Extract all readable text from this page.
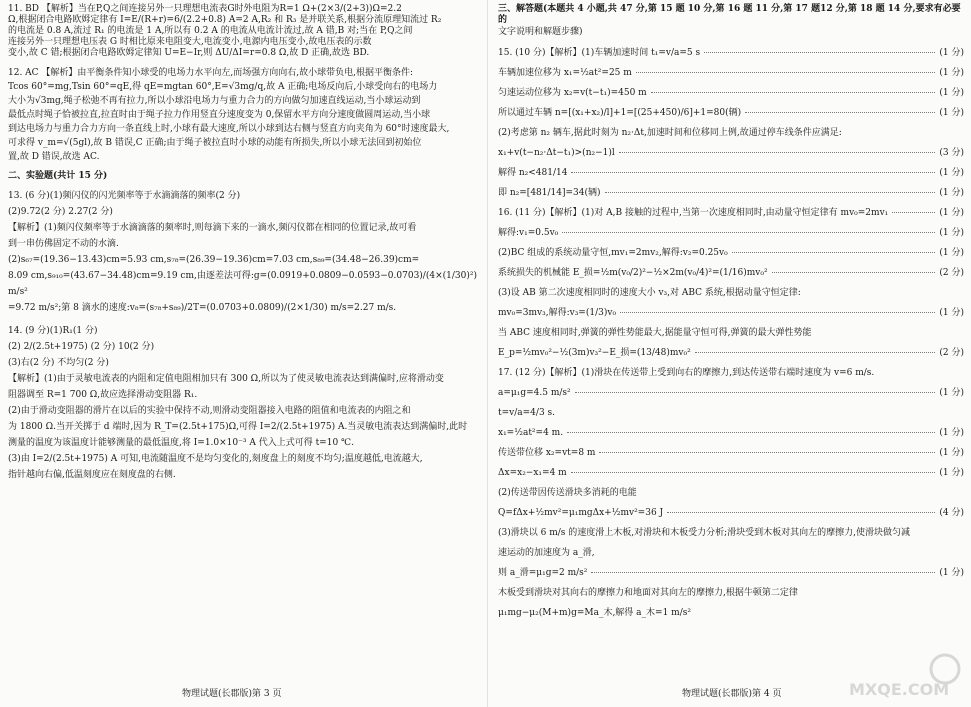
11. BD 【解析】当在P,Q之间连接另外一只理想电流表G时外电阻为R=1 Ω+(2×3/(2+3))Ω=2.2
Ω,根据闭合电路欧姆定律有 I=E/(R+r)=6/(2.2+0.8) A=2 A,R₂ 和 R₃ 是并联关系,根据分流原理知流过 R₂
的电流是 0.8 A,流过 R₁ 的电流是 1 A,所以有 0.2 A 的电流从电流计流过,故 A 错,B 对;当在 P,Q之间
连接另外一只理想电压表 G 时相比原来电阻变大,电流变小,电源内电压变小,故电压表的示数
变小,故 C 错;根据闭合电路欧姆定律知 U=E−Ir,则 ΔU/ΔI=r=0.8 Ω,故 D 正确,故选 BD.
12. AC 【解析】由平衡条件知小球受的电场力水平向左,而场强方向向右,故小球带负电,根据平衡条件:
Tcos 60°=mg,Tsin 60°=qE,得 qE=mgtan 60°,E=√3mg/q,故 A 正确;电场反向后,小球受向右的电场力
大小为√3mg,绳子松弛不再有拉力,所以小球沿电场力与重力合力的方向做匀加速直线运动,当小球运动到
最低点时绳子恰被拉直,拉直时由于绳子拉力作用竖直分速度变为 0,保留水平方向分速度做圆周运动,当小球
到达电场力与重力合力方向一条直线上时,小球有最大速度,所以小球到达右侧与竖直方向夹角为 60°时速度最大,
可求得 v_m=√(5gl),故 B 错误,C 正确;由于绳子被拉直时小球的动能有所损失,所以小球无法回到初始位
置,故 D 错误,故选 AC.
二、实验题(共计 15 分)
13. (6 分)(1)频闪仪的闪光频率等于水滴滴落的频率(2 分)
(2)9.72(2 分) 2.27(2 分)
【解析】(1)频闪仪频率等于水滴滴落的频率时,则每滴下来的一滴水,频闪仪都在相同的位置记录,故可看
到一串仿佛固定不动的水滴.
(2)s₆₇=(19.36−13.43)cm=5.93 cm,s₇₈=(26.39−19.36)cm=7.03 cm,s₈₉=(34.48−26.39)cm=
8.09 cm,s₉₁₀=(43.67−34.48)cm=9.19 cm,由逐差法可得:g=(0.0919+0.0809−0.0593−0.0703)/(4×(1/30)²) m/s²
=9.72 m/s²;第 8 滴水的速度:v₈=(s₇₈+s₈₉)/2T=(0.0703+0.0809)/(2×1/30) m/s=2.27 m/s.
14. (9 分)(1)R₁(1 分)
(2) 2/(2.5t+1975) (2 分) 10(2 分)
(3)右(2 分) 不均匀(2 分)
【解析】(1)由于灵敏电流表的内阻和定值电阻相加只有 300 Ω,所以为了使灵敏电流表达到满偏时,应将滑动变
阻器调至 R=1 700 Ω,故应选择滑动变阻器 R₁.
(2)由于滑动变阻器的滑片在以后的实验中保持不动,则滑动变阻器接入电路的阻值和电流表的内阻之和
为 1800 Ω.当开关掷于 d 端时,因为 R_T=(2.5t+175)Ω,可得 I=2/(2.5t+1975) A.当灵敏电流表达到满偏时,此时
测量的温度为该温度计能够测量的最低温度,将 I=1.0×10⁻³ A 代入上式可得 t=10 ℃.
(3)由 I=2/(2.5t+1975) A 可知,电流随温度不是均匀变化的,刻度盘上的刻度不均匀;温度越低,电流越大,
指针越向右偏,低温刻度应在刻度盘的右侧.
物理试题(长郡版)第 3 页
三、解答题(本题共 4 小题,共 47 分,第 15 题 10 分,第 16 题 11 分,第 17 题12 分,第 18 题 14 分,要求有必要的
文字说明和解题步骤)
15. (10 分)【解析】(1)车辆加速时间 t₁=v/a=5 s	(1 分)
车辆加速位移为 x₁=½at²=25 m	(1 分)
匀速运动位移为 x₂=v(t−t₁)=450 m	(1 分)
所以通过车辆 n=[(x₁+x₂)/l]+1=[(25+450)/6]+1=80(辆)	(1 分)
(2)考虑第 n₂ 辆车,据此时刻为 n₂·Δt,加速时间和位移同上例,故通过停车线条件应满足:
x₁+v(t−n₂·Δt−t₁)>(n₂−1)l	(3 分)
解得 n₂<481/14	(1 分)
即 n₂=[481/14]=34(辆)	(1 分)
16. (11 分)【解析】(1)对 A,B 接触的过程中,当第一次速度相同时,由动量守恒定律有 mv₀=2mv₁	(1 分)
解得:v₁=0.5v₀	(1 分)
(2)BC 组成的系统动量守恒,mv₁=2mv₂,解得:v₂=0.25v₀	(1 分)
系统损失的机械能 E_损=½m(v₀/2)²−½×2m(v₀/4)²=(1/16)mv₀²	(2 分)
(3)设 AB 第二次速度相同时的速度大小 v₃,对 ABC 系统,根据动量守恒定律:
mv₀=3mv₃,解得:v₃=(1/3)v₀	(1 分)
当 ABC 速度相同时,弹簧的弹性势能最大,据能量守恒可得,弹簧的最大弹性势能
E_p=½mv₀²−½(3m)v₃²−E_损=(13/48)mv₀²	(2 分)
17. (12 分)【解析】(1)滑块在传送带上受到向右的摩擦力,到达传送带右端时速度为 v=6 m/s.
a=μ₁g=4.5 m/s²	(1 分)
t=v/a=4/3 s.
x₁=½at²=4 m.	(1 分)
传送带位移 x₂=vt=8 m	(1 分)
Δx=x₂−x₁=4 m	(1 分)
(2)传送带因传送滑块多消耗的电能
Q=fΔx+½mv²=μ₁mgΔx+½mv²=36 J	(4 分)
(3)滑块以 6 m/s 的速度滑上木板,对滑块和木板受力分析;滑块受到木板对其向左的摩擦力,使滑块做匀减
速运动的加速度为 a_滑,
则 a_滑=μ₁g=2 m/s²	(1 分)
木板受到滑块对其向右的摩擦力和地面对其向左的摩擦力,根据牛顿第二定律
μ₁mg−μ₂(M+m)g=Ma_木,解得 a_木=1 m/s²
物理试题(长郡版)第 4 页	MXQE.COM
